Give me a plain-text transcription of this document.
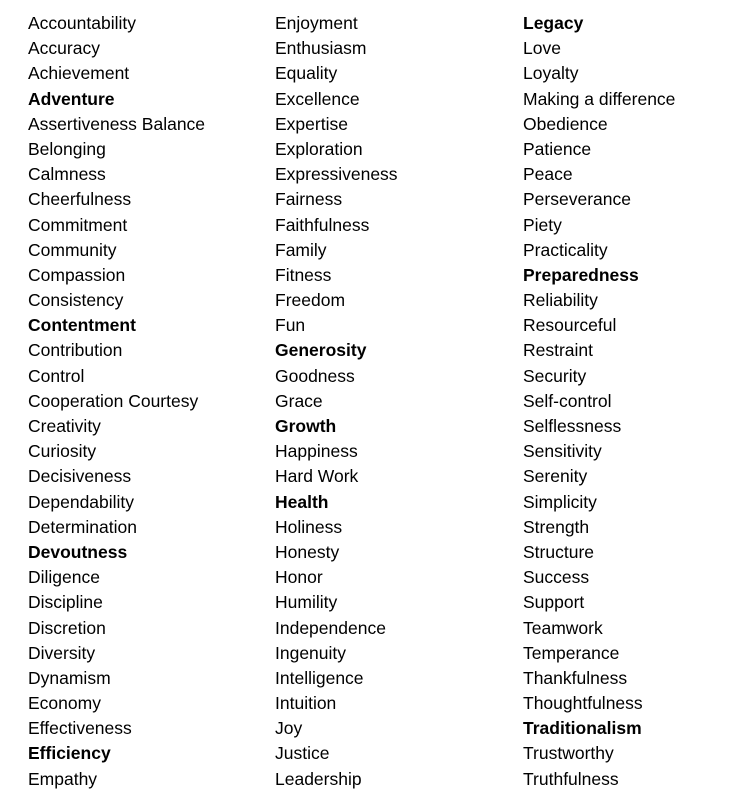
Accountability
Accuracy
Achievement
Adventure
Assertiveness Balance
Belonging
Calmness
Cheerfulness
Commitment
Community
Compassion
Consistency
Contentment
Contribution
Control
Cooperation Courtesy
Creativity
Curiosity
Decisiveness
Dependability
Determination
Devoutness
Diligence
Discipline
Discretion
Diversity
Dynamism
Economy
Effectiveness
Efficiency
Empathy
Enjoyment
Enthusiasm
Equality
Excellence
Expertise
Exploration
Expressiveness
Fairness
Faithfulness
Family
Fitness
Freedom
Fun
Generosity
Goodness
Grace
Growth
Happiness
Hard Work
Health
Holiness
Honesty
Honor
Humility
Independence
Ingenuity
Intelligence
Intuition
Joy
Justice
Leadership
Legacy
Love
Loyalty
Making a difference
Obedience
Patience
Peace
Perseverance
Piety
Practicality
Preparedness
Reliability
Resourceful
Restraint
Security
Self-control
Selflessness
Sensitivity
Serenity
Simplicity
Strength
Structure
Success
Support
Teamwork
Temperance
Thankfulness
Thoughtfulness
Traditionalism
Trustworthy
Truthfulness
